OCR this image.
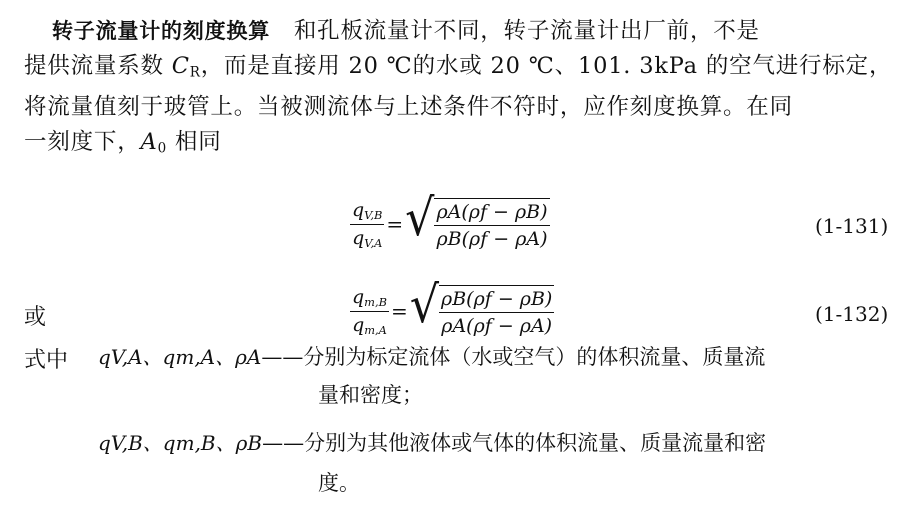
转子流量计的刻度换算 和孔板流量计不同，转子流量计出厂前，不是
提供流量系数 $C_R$，而是直接用 20 ℃的水或 20 ℃、101. 3kPa 的空气进行标定，
将流量值刻于玻管上。当被测流体与上述条件不符时，应作刻度换算。在同
一刻度下，$A_0$ 相同
$\frac{q_{V,B}}{q_{V,A}}$ = √ $\frac{\rho A(\rho f - \rho B)}{\rho B(\rho f - \rho A)}$	(1-131)
或	$\frac{q_{m,B}}{q_{m,A}}$ = √ $\frac{\rho B(\rho f - \rho B)}{\rho A(\rho f - \rho A)}$	(1-132)
式中 qV,A、qm,A、ρA——分别为标定流体（水或空气）的体积流量、质量流
量和密度；
qV,B、qm,B、ρB——分别为其他液体或气体的体积流量、质量流量和密
度。
